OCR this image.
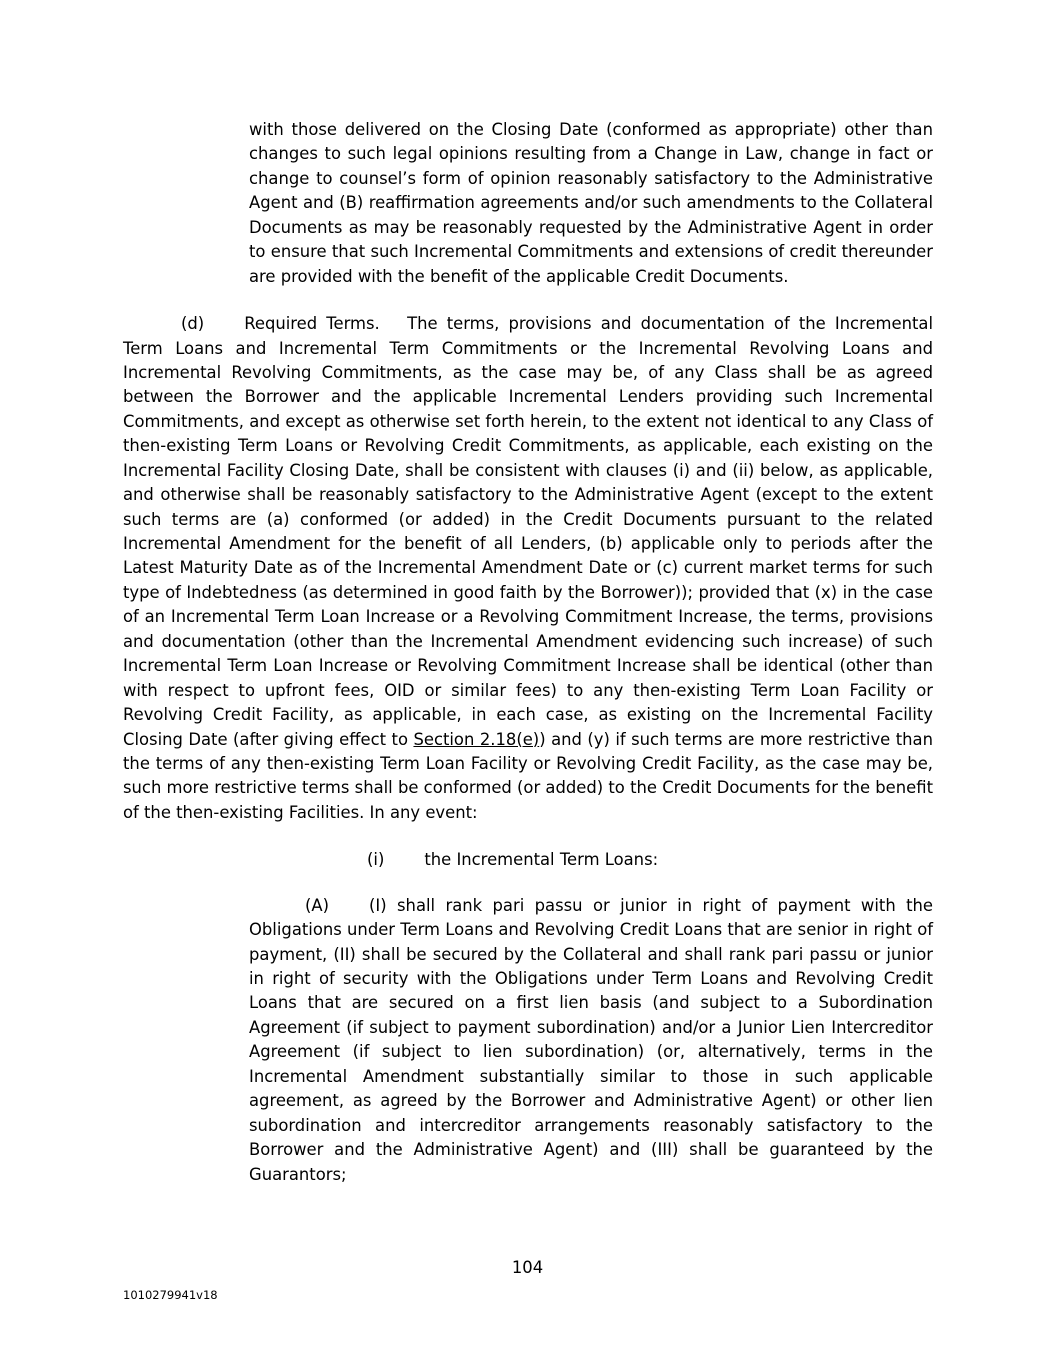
with those delivered on the Closing Date (conformed as appropriate) other than changes to such legal opinions resulting from a Change in Law, change in fact or change to counsel’s form of opinion reasonably satisfactory to the Administrative Agent and (B) reaffirmation agreements and/or such amendments to the Collateral Documents as may be reasonably requested by the Administrative Agent in order to ensure that such Incremental Commitments and extensions of credit thereunder are provided with the benefit of the applicable Credit Documents.

(d) Required Terms. The terms, provisions and documentation of the Incremental Term Loans and Incremental Term Commitments or the Incremental Revolving Loans and Incremental Revolving Commitments, as the case may be, of any Class shall be as agreed between the Borrower and the applicable Incremental Lenders providing such Incremental Commitments, and except as otherwise set forth herein, to the extent not identical to any Class of then-existing Term Loans or Revolving Credit Commitments, as applicable, each existing on the Incremental Facility Closing Date, shall be consistent with clauses (i) and (ii) below, as applicable, and otherwise shall be reasonably satisfactory to the Administrative Agent (except to the extent such terms are (a) conformed (or added) in the Credit Documents pursuant to the related Incremental Amendment for the benefit of all Lenders, (b) applicable only to periods after the Latest Maturity Date as of the Incremental Amendment Date or (c) current market terms for such type of Indebtedness (as determined in good faith by the Borrower)); provided that (x) in the case of an Incremental Term Loan Increase or a Revolving Commitment Increase, the terms, provisions and documentation (other than the Incremental Amendment evidencing such increase) of such Incremental Term Loan Increase or Revolving Commitment Increase shall be identical (other than with respect to upfront fees, OID or similar fees) to any then-existing Term Loan Facility or Revolving Credit Facility, as applicable, in each case, as existing on the Incremental Facility Closing Date (after giving effect to Section 2.18(e)) and (y) if such terms are more restrictive than the terms of any then-existing Term Loan Facility or Revolving Credit Facility, as the case may be, such more restrictive terms shall be conformed (or added) to the Credit Documents for the benefit of the then-existing Facilities. In any event:

(i) the Incremental Term Loans:

(A) (I) shall rank pari passu or junior in right of payment with the Obligations under Term Loans and Revolving Credit Loans that are senior in right of payment, (II) shall be secured by the Collateral and shall rank pari passu or junior in right of security with the Obligations under Term Loans and Revolving Credit Loans that are secured on a first lien basis (and subject to a Subordination Agreement (if subject to payment subordination) and/or a Junior Lien Intercreditor Agreement (if subject to lien subordination) (or, alternatively, terms in the Incremental Amendment substantially similar to those in such applicable agreement, as agreed by the Borrower and Administrative Agent) or other lien subordination and intercreditor arrangements reasonably satisfactory to the Borrower and the Administrative Agent) and (III) shall be guaranteed by the Guarantors;

104
1010279941v18
